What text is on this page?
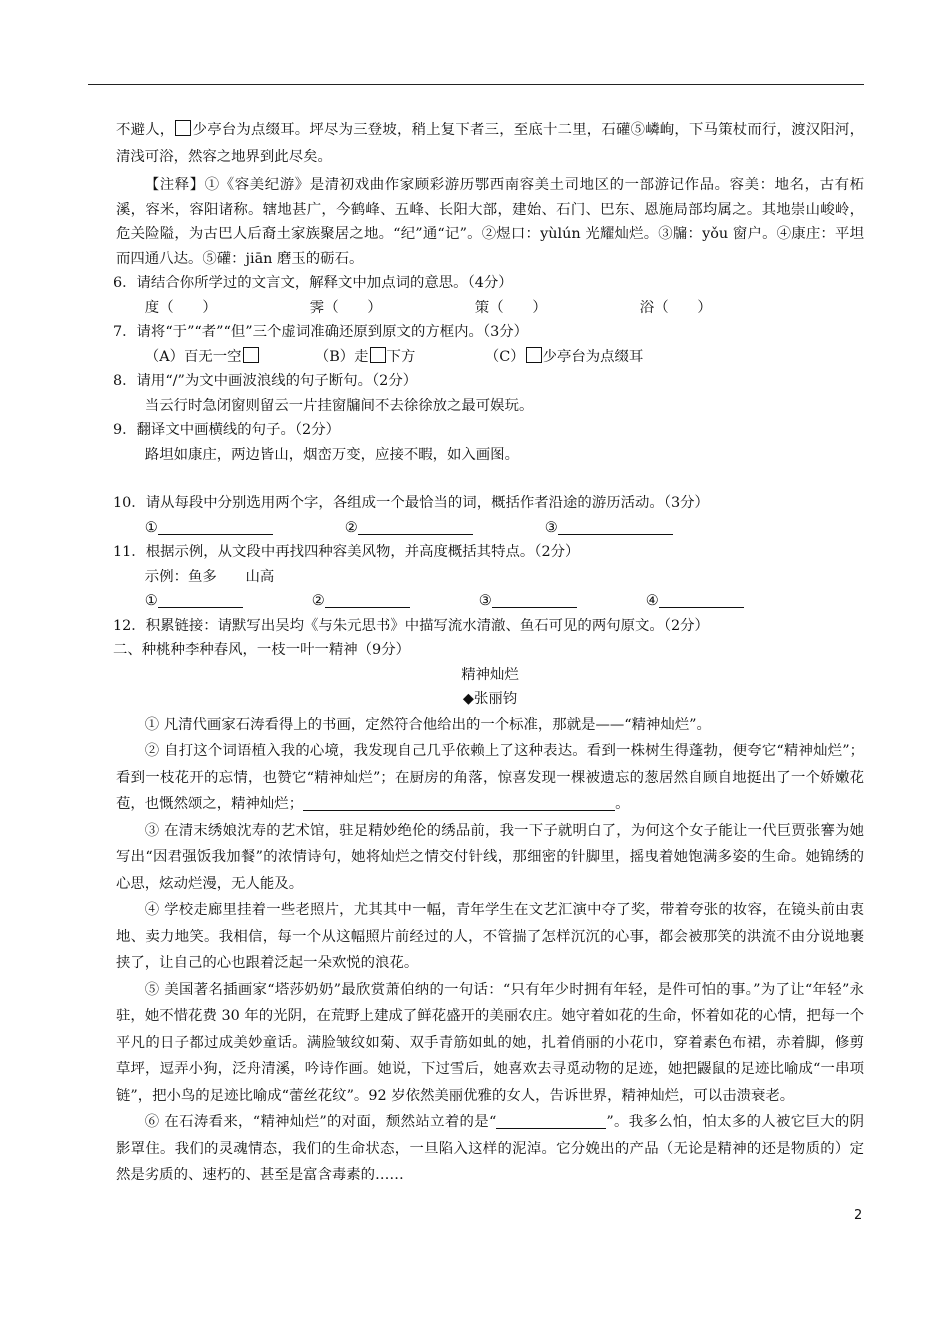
不避人， 少亭台为点缀耳。坪尽为三登坡，稍上复下者三，至底十二里，石礶⑤嶙峋，下马策杖而行，渡汉阳河，清浅可浴，然容之地界到此尽矣。
【注释】①《容美纪游》是清初戏曲作家顾彩游历鄂西南容美土司地区的一部游记作品。容美：地名，古有柘溪，容米，容阳诸称。辖地甚广，今鹤峰、五峰、长阳大部，建始、石门、巴东、恩施局部均属之。其地崇山峻岭，危关险隘，为古巴人后裔土家族聚居之地。“纪”通“记”。②煜口：yùlún 光耀灿烂。③牖：yǒu 窗户。④康庄：平坦而四通八达。⑤礶：jiān 磨玉的砺石。
6．请结合你所学过的文言文，解释文中加点词的意思。（4分）
度（　　）	霁（　　）	策（　　）	浴（　　）
7．请将“于”“者”“但”三个虚词准确还原到原文的方框内。（3分）
（A）百无一空	（B）走 下方	（C） 少亭台为点缀耳
8．请用“/”为文中画波浪线的句子断句。（2分）
当云行时急闭窗则留云一片挂窗牖间不去徐徐放之最可娱玩。
9．翻译文中画横线的句子。（2分）
路坦如康庄，两边皆山，烟峦万变，应接不暇，如入画图。
10．请从每段中分别选用两个字，各组成一个最恰当的词，概括作者沿途的游历活动。（3分）
①	②	③
11．根据示例，从文段中再找四种容美风物，并高度概括其特点。（2分）
示例：鱼多　　山高
①	②	③	④
12．积累链接：请默写出吴均《与朱元思书》中描写流水清澈、鱼石可见的两句原文。（2分）
二、种桃种李种春风，一枝一叶一精神（9分）
精神灿烂
◆张丽钧
① 凡清代画家石涛看得上的书画，定然符合他给出的一个标准，那就是——“精神灿烂”。
② 自打这个词语植入我的心境，我发现自己几乎依赖上了这种表达。看到一株树生得蓬勃，便夸它“精神灿烂”；看到一枝花开的忘情，也赞它“精神灿烂”；在厨房的角落，惊喜发现一棵被遗忘的葱居然自顾自地挺出了一个娇嫩花苞，也慨然颂之，精神灿烂；	。
③ 在清末绣娘沈寿的艺术馆，驻足精妙绝伦的绣品前，我一下子就明白了，为何这个女子能让一代巨贾张謇为她写出“因君强饭我加餐”的浓情诗句，她将灿烂之情交付针线，那细密的针脚里，摇曳着她饱满多姿的生命。她锦绣的心思，炫动烂漫，无人能及。
④ 学校走廊里挂着一些老照片，尤其其中一幅，青年学生在文艺汇演中夺了奖，带着夸张的妆容，在镜头前由衷地、卖力地笑。我相信，每一个从这幅照片前经过的人，不管揣了怎样沉沉的心事，都会被那笑的洪流不由分说地裹挟了，让自己的心也跟着泛起一朵欢悦的浪花。
⑤ 美国著名插画家“塔莎奶奶”最欣赏萧伯纳的一句话：“只有年少时拥有年轻，是件可怕的事。”为了让“年轻”永驻，她不惜花费 30 年的光阴，在荒野上建成了鲜花盛开的美丽农庄。她守着如花的生命，怀着如花的心情，把每一个平凡的日子都过成美妙童话。满脸皱纹如菊、双手青筋如虬的她，扎着俏丽的小花巾，穿着素色布裙，赤着脚，修剪草坪，逗弄小狗，泛舟清溪，吟诗作画。她说，下过雪后，她喜欢去寻觅动物的足迹，她把鼹鼠的足迹比喻成“一串项链”，把小鸟的足迹比喻成“蕾丝花纹”。92 岁依然美丽优雅的女人，告诉世界，精神灿烂，可以击溃衰老。
⑥ 在石涛看来，“精神灿烂”的对面，颓然站立着的是“	”。我多么怕，怕太多的人被它巨大的阴影罩住。我们的灵魂情态，我们的生命状态，一旦陷入这样的泥淖。它分娩出的产品（无论是精神的还是物质的）定然是劣质的、速朽的、甚至是富含毒素的……
2
